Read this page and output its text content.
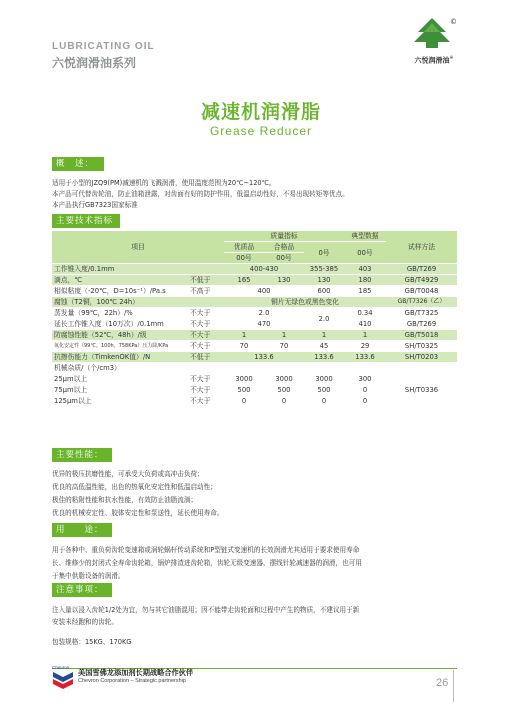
LUBRICATING OIL
六悦润滑油系列
©
六悦润滑油®
减速机润滑脂
Grease Reducer
概　述：
适用于小型的JZQ9(PM)减速机的飞溅润滑，使用温度范围为20℃~120℃。
本产品可代替齿轮油，防止油箱泄露，对齿面有好的防护作用，低温启动性好，不易出现转矩等优点。
本产品执行GB7323国家标准
主要技术指标
项目		质量指标			典型数据	试样方法
		优质品	合格品	0号	00号	
		00号	00号			
工作锥入度/0.1mm		400-430		355-385	403	GB/T269
滴点，℃	不低于	165	130	130	180	GB/T4929
相似粘度（-20℃，D=10s⁻¹）/Pa.s	不高于	400		600	185	GB/T0048
腐蚀（T2铜，100℃ 24h）		铜片无绿色或黑色变化				GB/T7326（乙）
蒸发量（99℃，22h）/%	不大于	2.0		2.0	0.34	GB/T7325
延长工作锥入度（10万次）/0.1mm	不大于	470			410	GB/T269
防腐蚀性能（52℃，48h）/级	不大于	1	1	1	1	GB/T5018
氧化安定性（99℃，100h，758KPa）压力降/KPa	不大于	70	70	45	29	SH/T0325
抗擦伤能力（TimkenOK值）/N	不低于	133.6		133.6	133.6	SH/T0203
机械杂质/（个/cm3）						
25μm以上	不大于	3000	3000	3000	300	SH/T0336
75μm以上	不大于	500	500	500	0	
125μm以上	不大于	0	0	0	0	
主要性能：
优异的极压抗磨性能，可承受大负荷或高冲击负荷；
优良的高低温性能，出色的热氧化安定性和低温启动性；
极佳的粘附性能和抗水性能，有效防止油脂流淌；
优良的机械安定性、胶体安定性和泵送性，延长使用寿命。
用　　途：
用于各种中、重负荷齿轮变速箱或涡轮蜗杆传动系统和P型链式变速机的长效润滑尤其适用于要求使用寿命
长、维修少的封闭式全寿命齿轮箱，锅炉排渣进齿轮箱，齿轮无级变速器，摆线针轮减速器的润滑，也可用
于集中供脂设备的润滑。
注意事项：
注入量以浸入齿轮1/2处为宜，勿与其它油脂混用；因不能带走齿轮面和过程中产生的物质，不建议用于新
安装未经跑和的齿轮。
包装规格：15KG、170KG
Chevron
美国雪佛龙添加剂长期战略合作伙伴
Chevron Corporation – Strategic partnership	26
